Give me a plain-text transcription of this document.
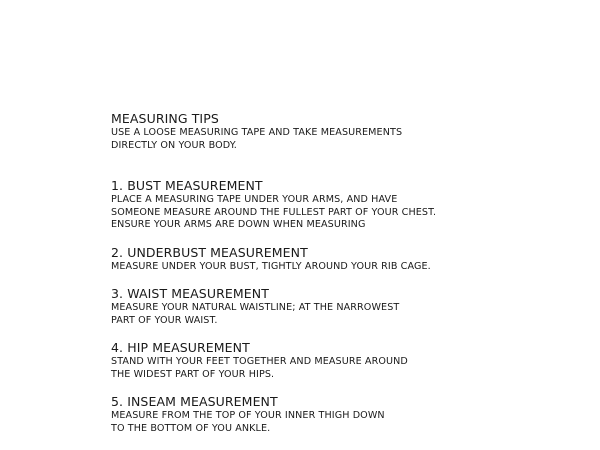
MEASURING TIPS

USE A LOOSE MEASURING TAPE AND TAKE MEASUREMENTS
DIRECTLY ON YOUR BODY.

1. BUST MEASUREMENT

PLACE A MEASURING TAPE UNDER YOUR ARMS, AND HAVE
SOMEONE MEASURE AROUND THE FULLEST PART OF YOUR CHEST.
ENSURE YOUR ARMS ARE DOWN WHEN MEASURING

2. UNDERBUST MEASUREMENT

MEASURE UNDER YOUR BUST, TIGHTLY AROUND YOUR RIB CAGE.

3. WAIST MEASUREMENT

MEASURE YOUR NATURAL WAISTLINE; AT THE NARROWEST
PART OF YOUR WAIST.

4. HIP MEASUREMENT

STAND WITH YOUR FEET TOGETHER AND MEASURE AROUND
THE WIDEST PART OF YOUR HIPS.

5. INSEAM MEASUREMENT

MEASURE FROM THE TOP OF YOUR INNER THIGH DOWN
TO THE BOTTOM OF YOU ANKLE.
